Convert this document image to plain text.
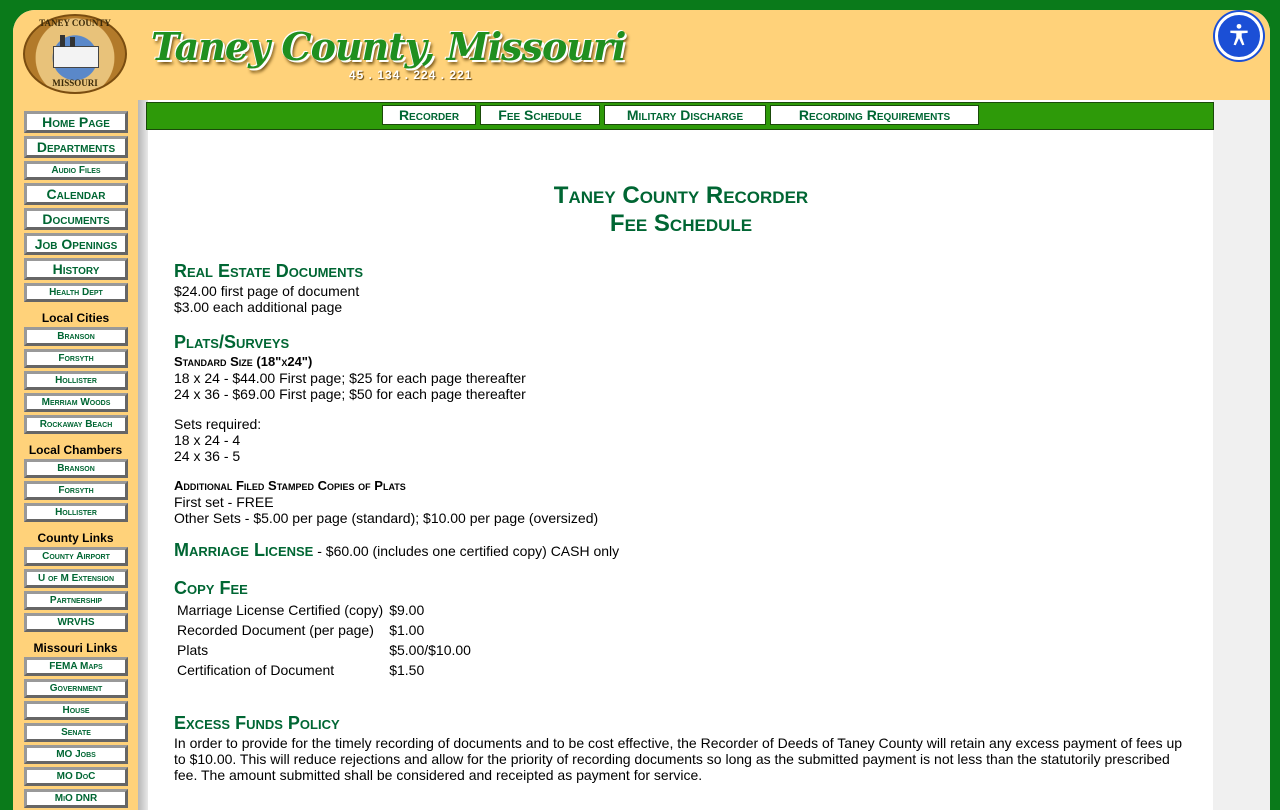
TANEY COUNTY
MISSOURI
Taney County, Missouri
45 . 134 . 224 . 221
Home Page
Departments
Audio Files
Calendar
Documents
Job Openings
History
Health Dept
Local Cities
Branson
Forsyth
Hollister
Merriam Woods
Rockaway Beach
Local Chambers
Branson
Forsyth
Hollister
County Links
County Airport
U of M Extension
Partnership
WRVHS
Missouri Links
FEMA Maps
Government
House
Senate
MO Jobs
MO DoC
MiO DNR
Recorder	Fee Schedule	Military Discharge	Recording Requirements
Taney County Recorder
Fee Schedule
Real Estate Documents
$24.00 first page of document
$3.00 each additional page
Plats/Surveys
Standard Size (18"x24")
18 x 24 - $44.00 First page; $25 for each page thereafter
24 x 36 - $69.00 First page; $50 for each page thereafter
Sets required:
18 x 24 - 4
24 x 36 - 5
Additional Filed Stamped Copies of Plats
First set - FREE
Other Sets - $5.00 per page (standard); $10.00 per page (oversized)
Marriage License - $60.00 (includes one certified copy) CASH only
Copy Fee
Marriage License Certified (copy)	$9.00
Recorded Document (per page)	$1.00
Plats	$5.00/$10.00
Certification of Document	$1.50
Excess Funds Policy
In order to provide for the timely recording of documents and to be cost effective, the Recorder of Deeds of Taney County will retain any excess payment of fees up to $10.00. This will reduce rejections and allow for the priority of recording documents so long as the submitted payment is not less than the statutorily prescribed fee. The amount submitted shall be considered and receipted as payment for service.
